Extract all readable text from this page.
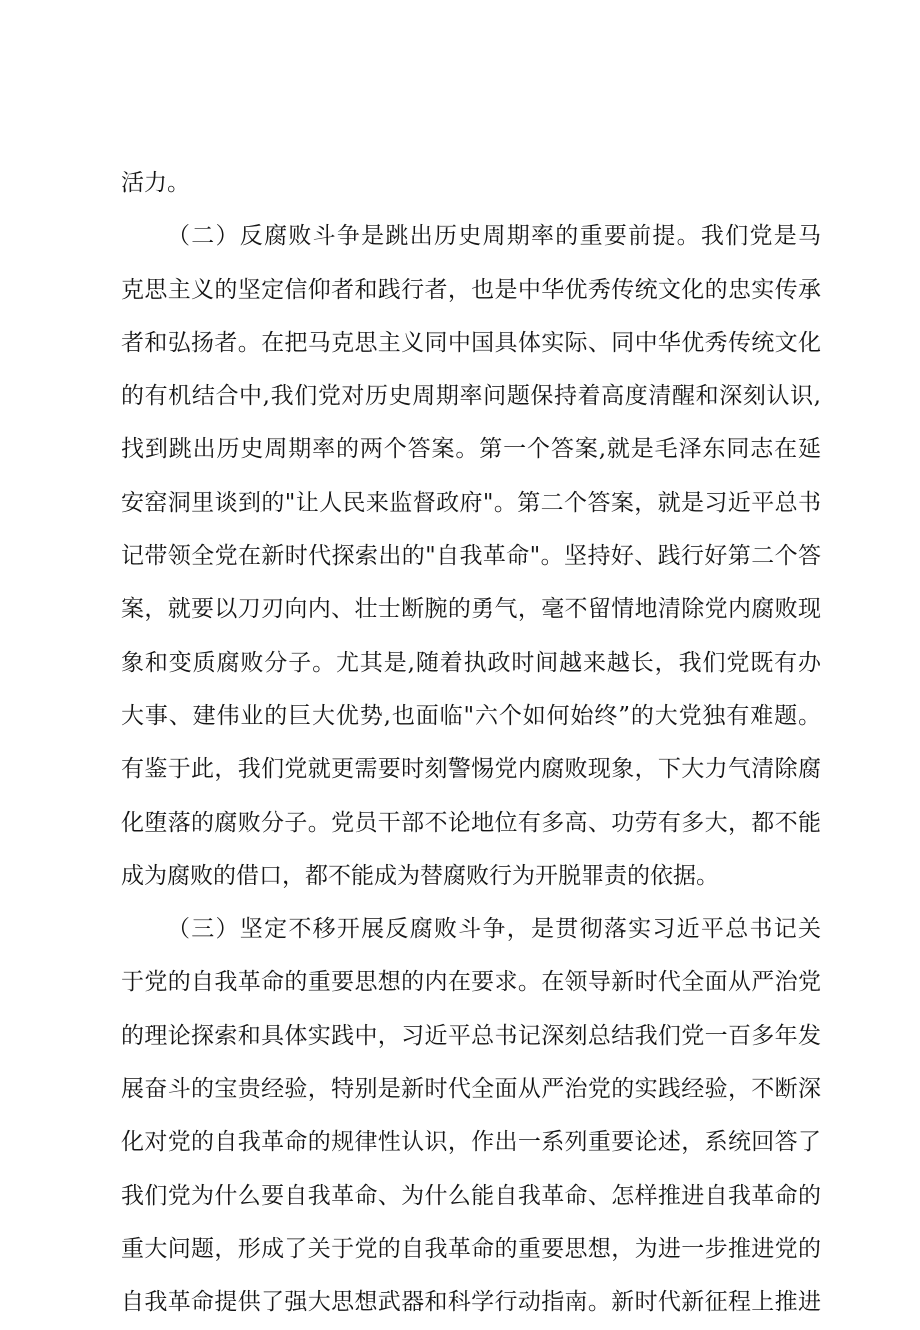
活力。
（二）反腐败斗争是跳出历史周期率的重要前提。我们党是马
克思主义的坚定信仰者和践行者，也是中华优秀传统文化的忠实传承
者和弘扬者。在把马克思主义同中国具体实际、同中华优秀传统文化
的有机结合中,我们党对历史周期率问题保持着高度清醒和深刻认识,
找到跳出历史周期率的两个答案。第一个答案,就是毛泽东同志在延
安窑洞里谈到的"让人民来监督政府"。第二个答案，就是习近平总书
记带领全党在新时代探索出的"自我革命"。坚持好、践行好第二个答
案，就要以刀刃向内、壮士断腕的勇气，毫不留情地清除党内腐败现
象和变质腐败分子。尤其是,随着执政时间越来越长，我们党既有办
大事、建伟业的巨大优势,也面临"六个如何始终”的大党独有难题。
有鉴于此，我们党就更需要时刻警惕党内腐败现象，下大力气清除腐
化堕落的腐败分子。党员干部不论地位有多高、功劳有多大，都不能
成为腐败的借口，都不能成为替腐败行为开脱罪责的依据。
（三）坚定不移开展反腐败斗争，是贯彻落实习近平总书记关
于党的自我革命的重要思想的内在要求。在领导新时代全面从严治党
的理论探索和具体实践中，习近平总书记深刻总结我们党一百多年发
展奋斗的宝贵经验，特别是新时代全面从严治党的实践经验，不断深
化对党的自我革命的规律性认识，作出一系列重要论述，系统回答了
我们党为什么要自我革命、为什么能自我革命、怎样推进自我革命的
重大问题，形成了关于党的自我革命的重要思想，为进一步推进党的
自我革命提供了强大思想武器和科学行动指南。新时代新征程上推进
